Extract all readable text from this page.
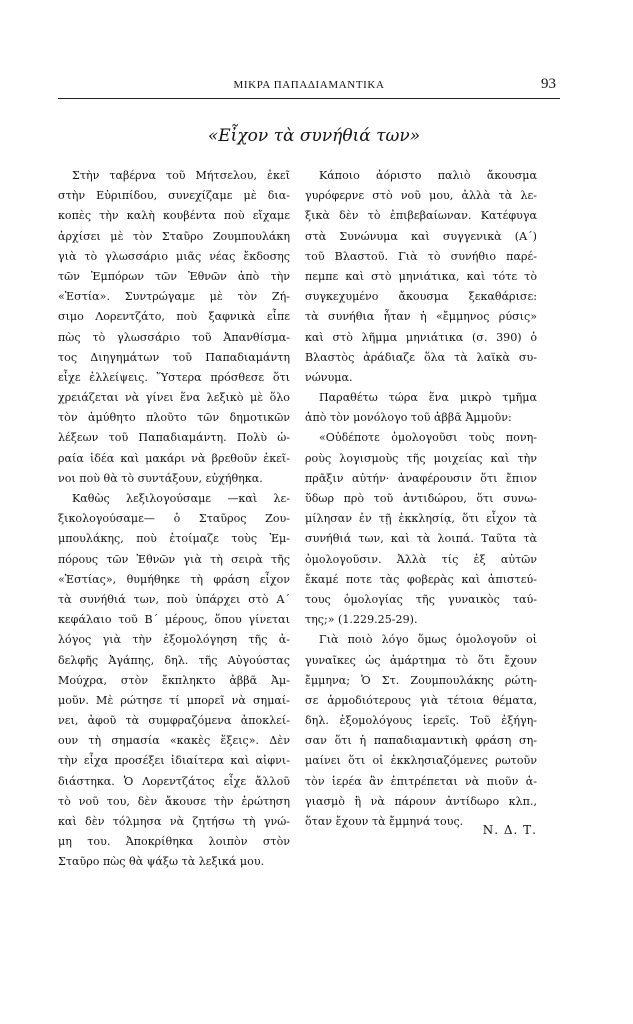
ΜΙΚΡΑ ΠΑΠΑΔΙΑΜΑΝΤΙΚΑ	93
«Εἶχον τὰ συνήθιά των»
Στὴν ταβέρνα τοῦ Μήτσελου, ἐκεῖ
στὴν Εὐριπίδου, συνεχίζαμε μὲ δια-
κοπὲς τὴν καλὴ κουβέντα ποὺ εἴχαμε
ἀρχίσει μὲ τὸν Σταῦρο Ζουμπουλάκη
γιὰ τὸ γλωσσάριο μιᾶς νέας ἔκδοσης
τῶν Ἐμπόρων τῶν Ἐθνῶν ἀπὸ τὴν
«Ἑστία». Συντρώγαμε μὲ τὸν Ζή-
σιμο Λορεντζάτο, ποὺ ξαφνικὰ εἶπε
πὼς τὸ γλωσσάριο τοῦ Ἀπανθίσμα-
τος Διηγημάτων τοῦ Παπαδιαμάντη
εἶχε ἐλλείψεις. Ὕστερα πρόσθεσε ὅτι
χρειάζεται νὰ γίνει ἕνα λεξικὸ μὲ ὅλο
τὸν ἀμύθητο πλοῦτο τῶν δημοτικῶν
λέξεων τοῦ Παπαδιαμάντη. Πολὺ ὡ-
ραία ἰδέα καὶ μακάρι νὰ βρεθοῦν ἐκεῖ-
νοι ποὺ θὰ τὸ συντάξουν, εὐχήθηκα.
Καθὼς λεξιλογούσαμε —καὶ λε-
ξικολογούσαμε— ὁ Σταῦρος Ζου-
μπουλάκης, ποὺ ἑτοίμαζε τοὺς Ἐμ-
πόρους τῶν Ἐθνῶν γιὰ τὴ σειρὰ τῆς
«Ἑστίας», θυμήθηκε τὴ φράση εἶχον
τὰ συνήθιά των, ποὺ ὑπάρχει στὸ Α΄
κεφάλαιο τοῦ Β΄ μέρους, ὅπου γίνεται
λόγος γιὰ τὴν ἐξομολόγηση τῆς ἀ-
δελφῆς Ἀγάπης, δηλ. τῆς Αὐγούστας
Μούχρα, στὸν ἔκπληκτο ἀββᾶ Ἀμ-
μοῦν. Μὲ ρώτησε τί μπορεῖ νὰ σημαί-
νει, ἀφοῦ τὰ συμφραζόμενα ἀποκλεί-
ουν τὴ σημασία «κακὲς ἕξεις». Δὲν
τὴν εἶχα προσέξει ἰδιαίτερα καὶ αἰφνι-
διάστηκα. Ὁ Λορεντζάτος εἶχε ἄλλοῦ
τὸ νοῦ του, δὲν ἄκουσε τὴν ἐρώτηση
καὶ δὲν τόλμησα νὰ ζητήσω τὴ γνώ-
μη του. Ἀποκρίθηκα λοιπὸν στὸν
Σταῦρο πὼς θὰ ψάξω τὰ λεξικά μου.
Κάποιο ἀόριστο παλιὸ ἄκουσμα
γυρόφερνε στὸ νοῦ μου, ἀλλὰ τὰ λε-
ξικὰ δὲν τὸ ἐπιβεβαίωναν. Κατέφυγα
στὰ Συνώνυμα καὶ συγγενικὰ (Α΄)
τοῦ Βλαστοῦ. Γιὰ τὸ συνήθιο παρέ-
πεμπε καὶ στὸ μηνιάτικα, καὶ τότε τὸ
συγκεχυμένο ἄκουσμα ξεκαθάρισε:
τὰ συνήθια ἦταν ἡ «ἔμμηνος ρύσις»
καὶ στὸ λῆμμα μηνιάτικα (σ. 390) ὁ
Βλαστὸς ἀράδιαζε ὅλα τὰ λαϊκὰ συ-
νώνυμα.
Παραθέτω τώρα ἕνα μικρὸ τμῆμα
ἀπὸ τὸν μονόλογο τοῦ ἀββᾶ Ἀμμοῦν:
«Οὐδέποτε ὁμολογοῦσι τοὺς πονη-
ροὺς λογισμοὺς τῆς μοιχείας καὶ τὴν
πρᾶξιν αὐτήν· ἀναφέρουσιν ὅτι ἔπιον
ὕδωρ πρὸ τοῦ ἀντιδώρου, ὅτι συνω-
μίλησαν ἐν τῇ ἐκκλησίᾳ, ὅτι εἶχον τὰ
συνήθιά των, καὶ τὰ λοιπά. Ταῦτα τὰ
ὁμολογοῦσιν. Ἀλλὰ τίς ἐξ αὐτῶν
ἔκαμέ ποτε τὰς φοβερὰς καὶ ἀπιστεύ-
τους ὁμολογίας τῆς γυναικὸς ταύ-
της;» (1.229.25-29).
Γιὰ ποιὸ λόγο ὅμως ὁμολογοῦν οἱ
γυναῖκες ὡς ἁμάρτημα τὸ ὅτι ἔχουν
ἔμμηνα; Ὁ Στ. Ζουμπουλάκης ρώτη-
σε ἁρμοδιότερους γιὰ τέτοια θέματα,
δηλ. ἐξομολόγους ἱερεῖς. Τοῦ ἐξήγη-
σαν ὅτι ἡ παπαδιαμαντικὴ φράση ση-
μαίνει ὅτι οἱ ἐκκλησιαζόμενες ρωτοῦν
τὸν ἱερέα ἂν ἐπιτρέπεται νὰ πιοῦν ἁ-
γιασμὸ ἢ νὰ πάρουν ἀντίδωρο κλπ.,
ὅταν ἔχουν τὰ ἔμμηνά τους.
Ν. Δ. Τ.
